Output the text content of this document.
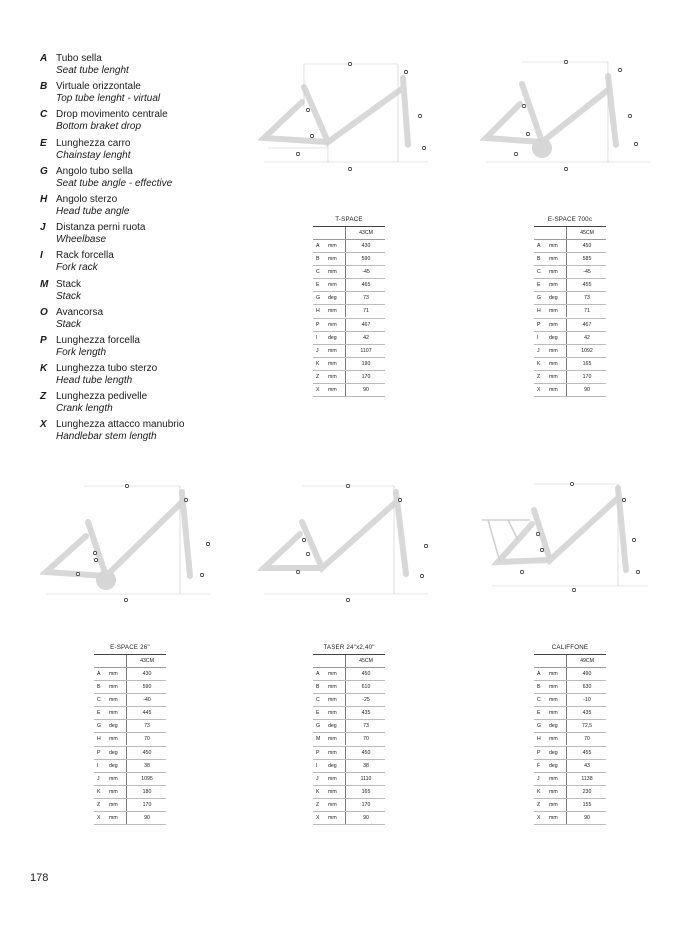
A Tubo sella
Seat tube lenght
B Virtuale orizzontale
Top tube lenght - virtual
C Drop movimento centrale
Bottom braket drop
E Lunghezza carro
Chainstay lenght
G Angolo tubo sella
Seat tube angle - effective
H Angolo sterzo
Head tube angle
J Distanza perni ruota
Wheelbase
I Rack forcella
Fork rack
M Stack
Stack
O Avancorsa
Stack
P Lunghezza forcella
Fork length
K Lunghezza tubo sterzo
Head tube length
Z Lunghezza pedivelle
Crank length
X Lunghezza attacco manubrio
Handlebar stem length
T-SPACE
43CM
A	mm	430
B	mm	590
C	mm	-45
E	mm	465
G	deg	73
H	mm	71
P	mm	467
I	deg	42
J	mm	1107
K	mm	190
Z	mm	170
X	mm	90
E-SPACE 700c
45CM
A	mm	450
B	mm	585
C	mm	-45
E	mm	455
G	deg	73
H	mm	71
P	mm	467
I	deg	42
J	mm	1092
K	mm	165
Z	mm	170
X	mm	90
E-SPACE 26"
43CM
A	mm	430
B	mm	590
C	mm	-40
E	mm	445
G	deg	73
H	mm	70
P	deg	450
I	deg	38
J	mm	1095
K	mm	180
Z	mm	170
X	mm	90
TASER 24"x2,40"
45CM
A	mm	450
B	mm	610
C	mm	-25
E	mm	435
G	deg	73
M	mm	70
P	mm	450
I	deg	38
J	mm	1110
K	mm	165
Z	mm	170
X	mm	90
CALIFFONE
49CM
A	mm	490
B	mm	630
C	mm	-10
E	mm	435
G	deg	72,5
H	mm	70
P	deg	455
F	deg	43
J	mm	1138
K	mm	230
Z	mm	155
X	mm	90
178
